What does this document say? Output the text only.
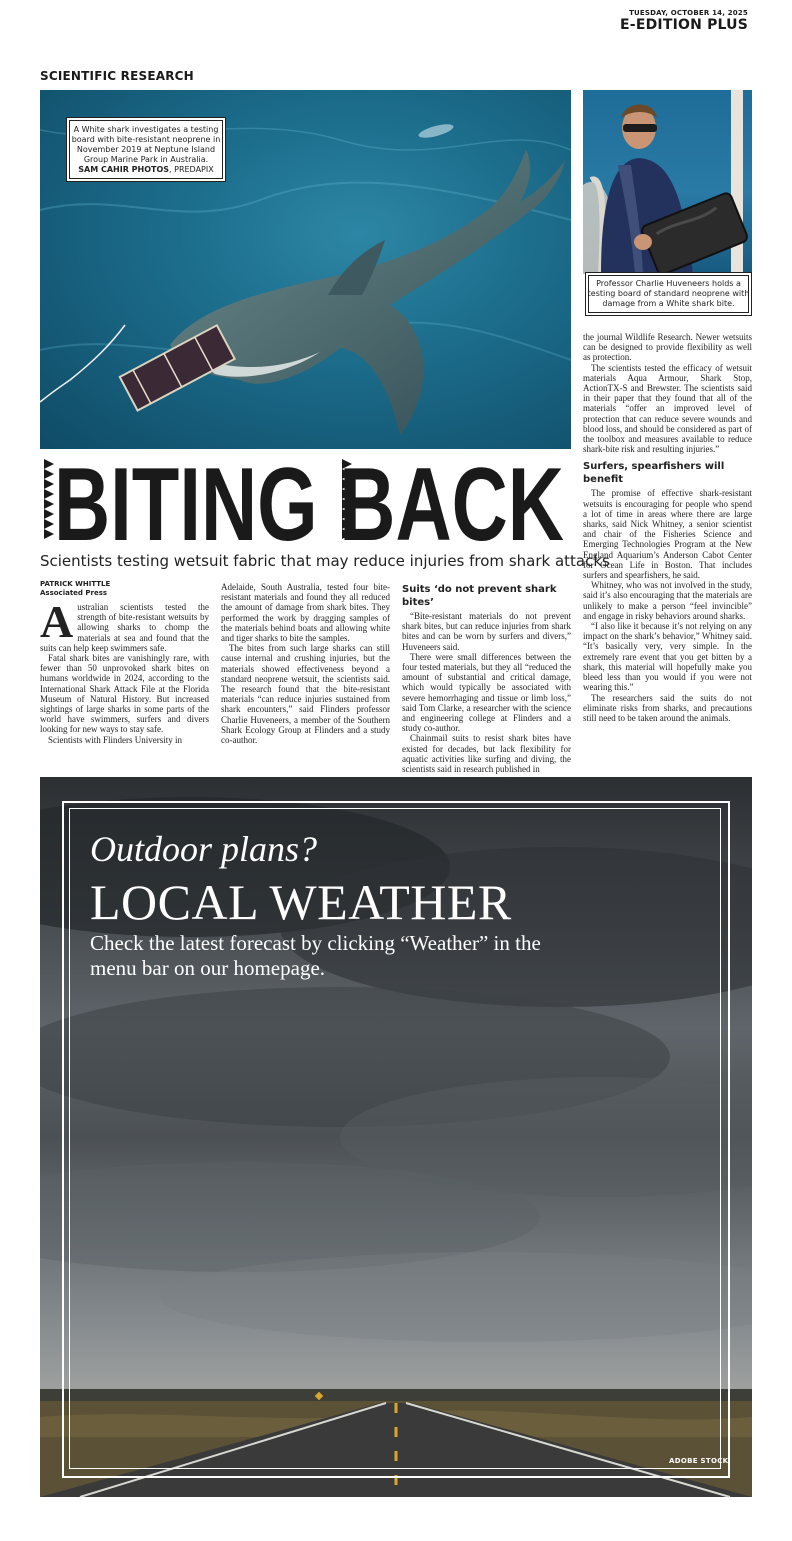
TUESDAY, OCTOBER 14, 2025
E-EDITION PLUS
SCIENTIFIC RESEARCH
A White shark investigates a testing board with bite-resistant neoprene in November 2019 at Neptune Island Group Marine Park in Australia.
SAM CAHIR PHOTOS, PREDAPIX
Professor Charlie Huveneers holds a testing board of standard neoprene with damage from a White shark bite.
BITING BACK
Scientists testing wetsuit fabric that may reduce injuries from shark attacks
PATRICK WHITTLE
Associated Press

Australian scientists tested the strength of bite-resistant wetsuits by allowing sharks to chomp the materials at sea and found that the suits can help keep swimmers safe.

Fatal shark bites are vanishingly rare, with fewer than 50 unprovoked shark bites on humans worldwide in 2024, according to the International Shark Attack File at the Florida Museum of Natural History. But increased sightings of large sharks in some parts of the world have swimmers, surfers and divers looking for new ways to stay safe.

Scientists with Flinders University in

Adelaide, South Australia, tested four bite-resistant materials and found they all reduced the amount of damage from shark bites. They performed the work by dragging samples of the materials behind boats and allowing white and tiger sharks to bite the samples.

The bites from such large sharks can still cause internal and crushing injuries, but the materials showed effectiveness beyond a standard neoprene wetsuit, the scientists said. The research found that the bite-resistant materials “can reduce injuries sustained from shark encounters,” said Flinders professor Charlie Huveneers, a member of the Southern Shark Ecology Group at Flinders and a study co-author.

Suits ‘do not prevent shark bites’

“Bite-resistant materials do not prevent shark bites, but can reduce injuries from shark bites and can be worn by surfers and divers,” Huveneers said.

There were small differences between the four tested materials, but they all “reduced the amount of substantial and critical damage, which would typically be associated with severe hemorrhaging and tissue or limb loss,” said Tom Clarke, a researcher with the science and engineering college at Flinders and a study co-author.

Chainmail suits to resist shark bites have existed for decades, but lack flexibility for aquatic activities like surfing and diving, the scientists said in research published in

the journal Wildlife Research. Newer wetsuits can be designed to provide flexibility as well as protection.

The scientists tested the efficacy of wetsuit materials Aqua Armour, Shark Stop, ActionTX-S and Brewster. The scientists said in their paper that they found that all of the materials “offer an improved level of protection that can reduce severe wounds and blood loss, and should be considered as part of the toolbox and measures available to reduce shark-bite risk and resulting injuries.”

Surfers, spearfishers will benefit

The promise of effective shark-resistant wetsuits is encouraging for people who spend a lot of time in areas where there are large sharks, said Nick Whitney, a senior scientist and chair of the Fisheries Science and Emerging Technologies Program at the New England Aquarium’s Anderson Cabot Center for Ocean Life in Boston. That includes surfers and spearfishers, he said.

Whitney, who was not involved in the study, said it’s also encouraging that the materials are unlikely to make a person “feel invincible” and engage in risky behaviors around sharks.

“I also like it because it’s not relying on any impact on the shark’s behavior,” Whitney said. “It’s basically very, very simple. In the extremely rare event that you get bitten by a shark, this material will hopefully make you bleed less than you would if you were not wearing this.”

The researchers said the suits do not eliminate risks from sharks, and precautions still need to be taken around the animals.

Outdoor plans?
LOCAL WEATHER
Check the latest forecast by clicking “Weather” in the menu bar on our homepage.
ADOBE STOCK
